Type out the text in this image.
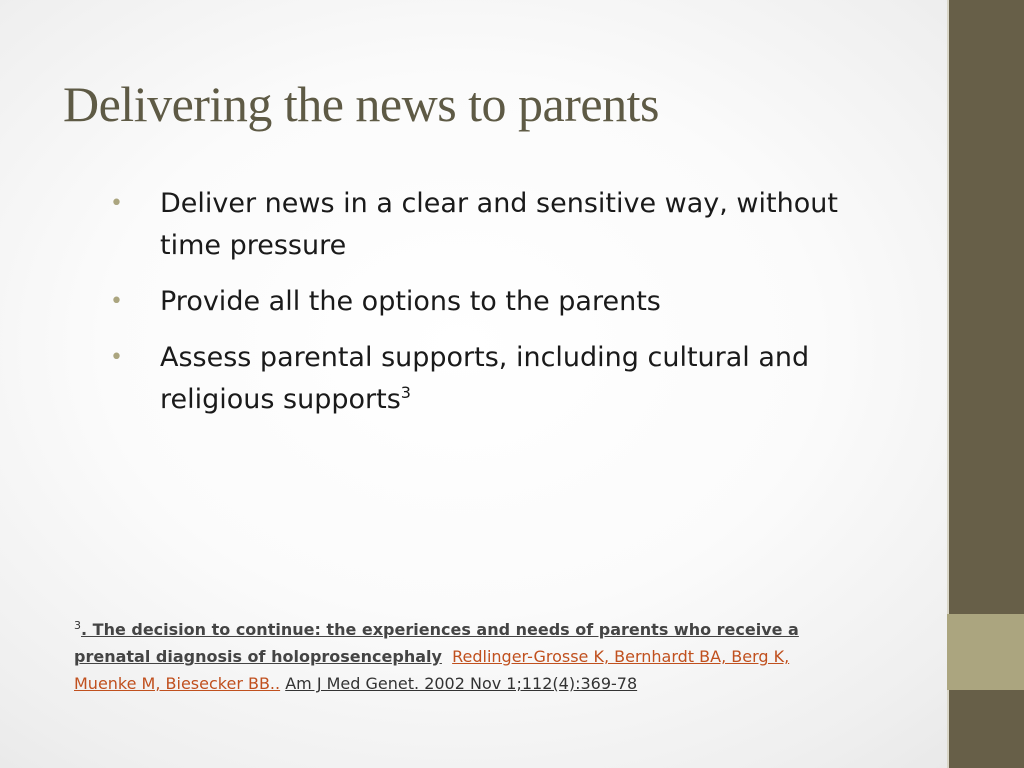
Delivering the news to parents
• Deliver news in a clear and sensitive way, without time pressure
• Provide all the options to the parents
• Assess parental supports, including cultural and religious supports$^3$
$^3$. The decision to continue: the experiences and needs of parents who receive a prenatal diagnosis of holoprosencephaly Redlinger-Grosse K, Bernhardt BA, Berg K, Muenke M, Biesecker BB.. Am J Med Genet. 2002 Nov 1;112(4):369-78
